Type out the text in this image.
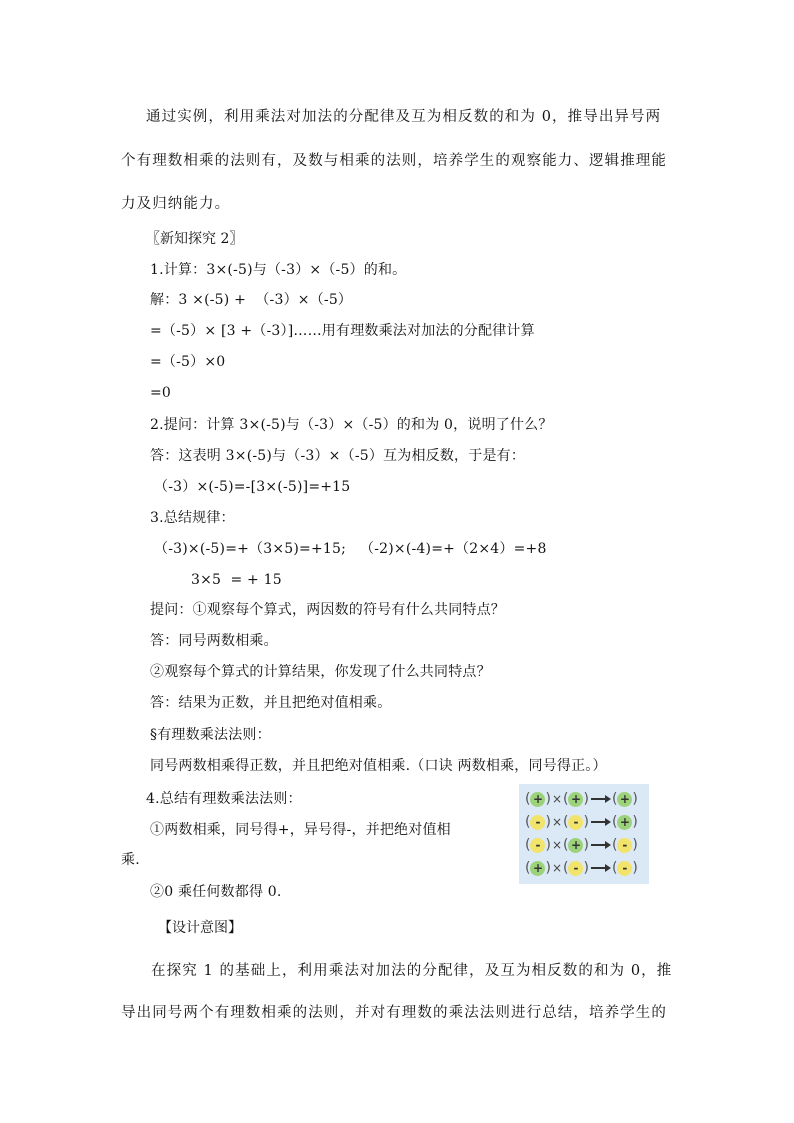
通过实例，利用乘法对加法的分配律及互为相反数的和为 0，推导出异号两
个有理数相乘的法则有，及数与相乘的法则，培养学生的观察能力、逻辑推理能
力及归纳能力。
〖新知探究 2〗
1.计算：3×(-5)与（-3）×（-5）的和。
解：3 ×(-5) +  （-3）×（-5）
=（-5）× [3 +（-3）]……用有理数乘法对加法的分配律计算
=（-5）×0
=0
2.提问：计算 3×(-5)与（-3）×（-5）的和为 0，说明了什么？
答：这表明 3×(-5)与（-3）×（-5）互为相反数，于是有：
（-3）×(-5)=-[3×(-5)]=+15
3.总结规律：
（-3)×(-5)=+（3×5)=+15;   （-2)×(-4)=+（2×4）=+8
3×5  = + 15
提问：①观察每个算式，两因数的符号有什么共同特点？
答：同号两数相乘。
②观察每个算式的计算结果，你发现了什么共同特点？
答：结果为正数，并且把绝对值相乘。
§有理数乘法法则：
同号两数相乘得正数，并且把绝对值相乘.（口诀 两数相乘，同号得正。）
4.总结有理数乘法法则：
①两数相乘，同号得+，异号得-，并把绝对值相
乘.
②0 乘任何数都得 0.
( + ) × ( + ) ( + )
( - ) × ( - ) ( + )
( - ) × ( + ) ( - )
( + ) × ( - ) ( - )
【设计意图】
在探究 1 的基础上，利用乘法对加法的分配律，及互为相反数的和为 0，推
导出同号两个有理数相乘的法则，并对有理数的乘法法则进行总结，培养学生的
